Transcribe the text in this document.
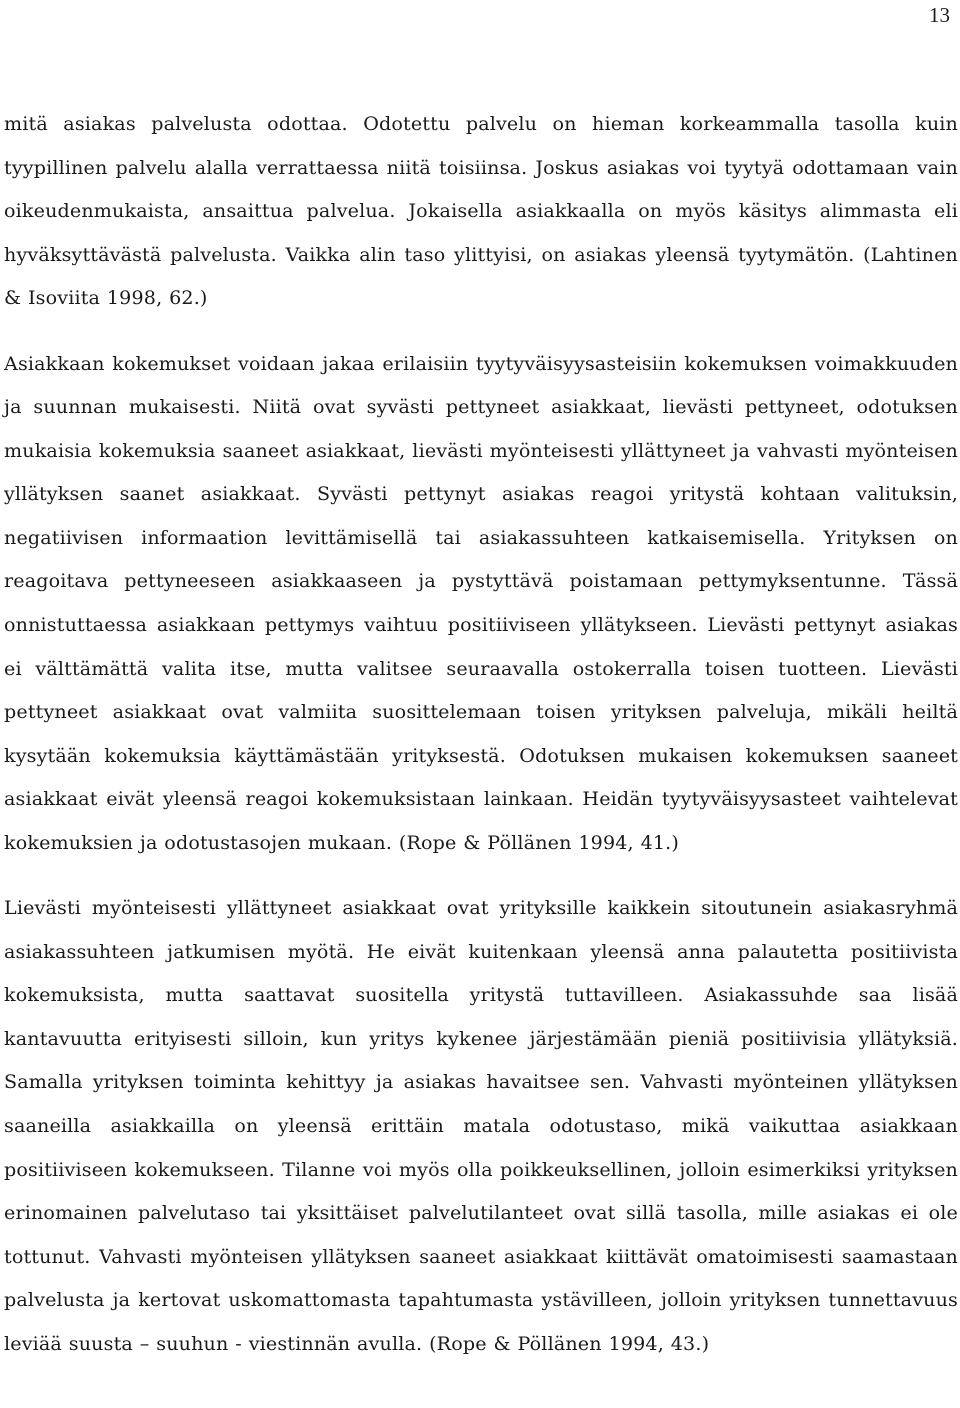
13

mitä asiakas palvelusta odottaa. Odotettu palvelu on hieman korkeammalla tasolla kuin tyypillinen palvelu alalla verrattaessa niitä toisiinsa. Joskus asiakas voi tyytyä odottamaan vain oikeudenmukaista, ansaittua palvelua. Jokaisella asiakkaalla on myös käsitys alimmasta eli hyväksyttävästä palvelusta. Vaikka alin taso ylittyisi, on asiakas yleensä tyytymätön. (Lahtinen & Isoviita 1998, 62.)

Asiakkaan kokemukset voidaan jakaa erilaisiin tyytyväisyysasteisiin kokemuksen voimakkuuden ja suunnan mukaisesti. Niitä ovat syvästi pettyneet asiakkaat, lievästi pettyneet, odotuksen mukaisia kokemuksia saaneet asiakkaat, lievästi myönteisesti yllättyneet ja vahvasti myönteisen yllätyksen saanet asiakkaat. Syvästi pettynyt asiakas reagoi yritystä kohtaan valituksin, negatiivisen informaation levittämisellä tai asiakassuhteen katkaisemisella. Yrityksen on reagoitava pettyneeseen asiakkaaseen ja pystyttävä poistamaan pettymyksentunne. Tässä onnistuttaessa asiakkaan pettymys vaihtuu positiiviseen yllätykseen. Lievästi pettynyt asiakas ei välttämättä valita itse, mutta valitsee seuraavalla ostokerralla toisen tuotteen. Lievästi pettyneet asiakkaat ovat valmiita suosittelemaan toisen yrityksen palveluja, mikäli heiltä kysytään kokemuksia käyttämästään yrityksestä. Odotuksen mukaisen kokemuksen saaneet asiakkaat eivät yleensä reagoi kokemuksistaan lainkaan. Heidän tyytyväisyysasteet vaihtelevat kokemuksien ja odotustasojen mukaan. (Rope & Pöllänen 1994, 41.)

Lievästi myönteisesti yllättyneet asiakkaat ovat yrityksille kaikkein sitoutunein asiakasryhmä asiakassuhteen jatkumisen myötä. He eivät kuitenkaan yleensä anna palautetta positiivista kokemuksista, mutta saattavat suositella yritystä tuttavilleen. Asiakassuhde saa lisää kantavuutta erityisesti silloin, kun yritys kykenee järjestämään pieniä positiivisia yllätyksiä. Samalla yrityksen toiminta kehittyy ja asiakas havaitsee sen. Vahvasti myönteinen yllätyksen saaneilla asiakkailla on yleensä erittäin matala odotustaso, mikä vaikuttaa asiakkaan positiiviseen kokemukseen. Tilanne voi myös olla poikkeuksellinen, jolloin esimerkiksi yrityksen erinomainen palvelutaso tai yksittäiset palvelutilanteet ovat sillä tasolla, mille asiakas ei ole tottunut. Vahvasti myönteisen yllätyksen saaneet asiakkaat kiittävät omatoimisesti saamastaan palvelusta ja kertovat uskomattomasta tapahtumasta ystävilleen, jolloin yrityksen tunnettavuus leviää suusta – suuhun - viestinnän avulla. (Rope & Pöllänen 1994, 43.)
